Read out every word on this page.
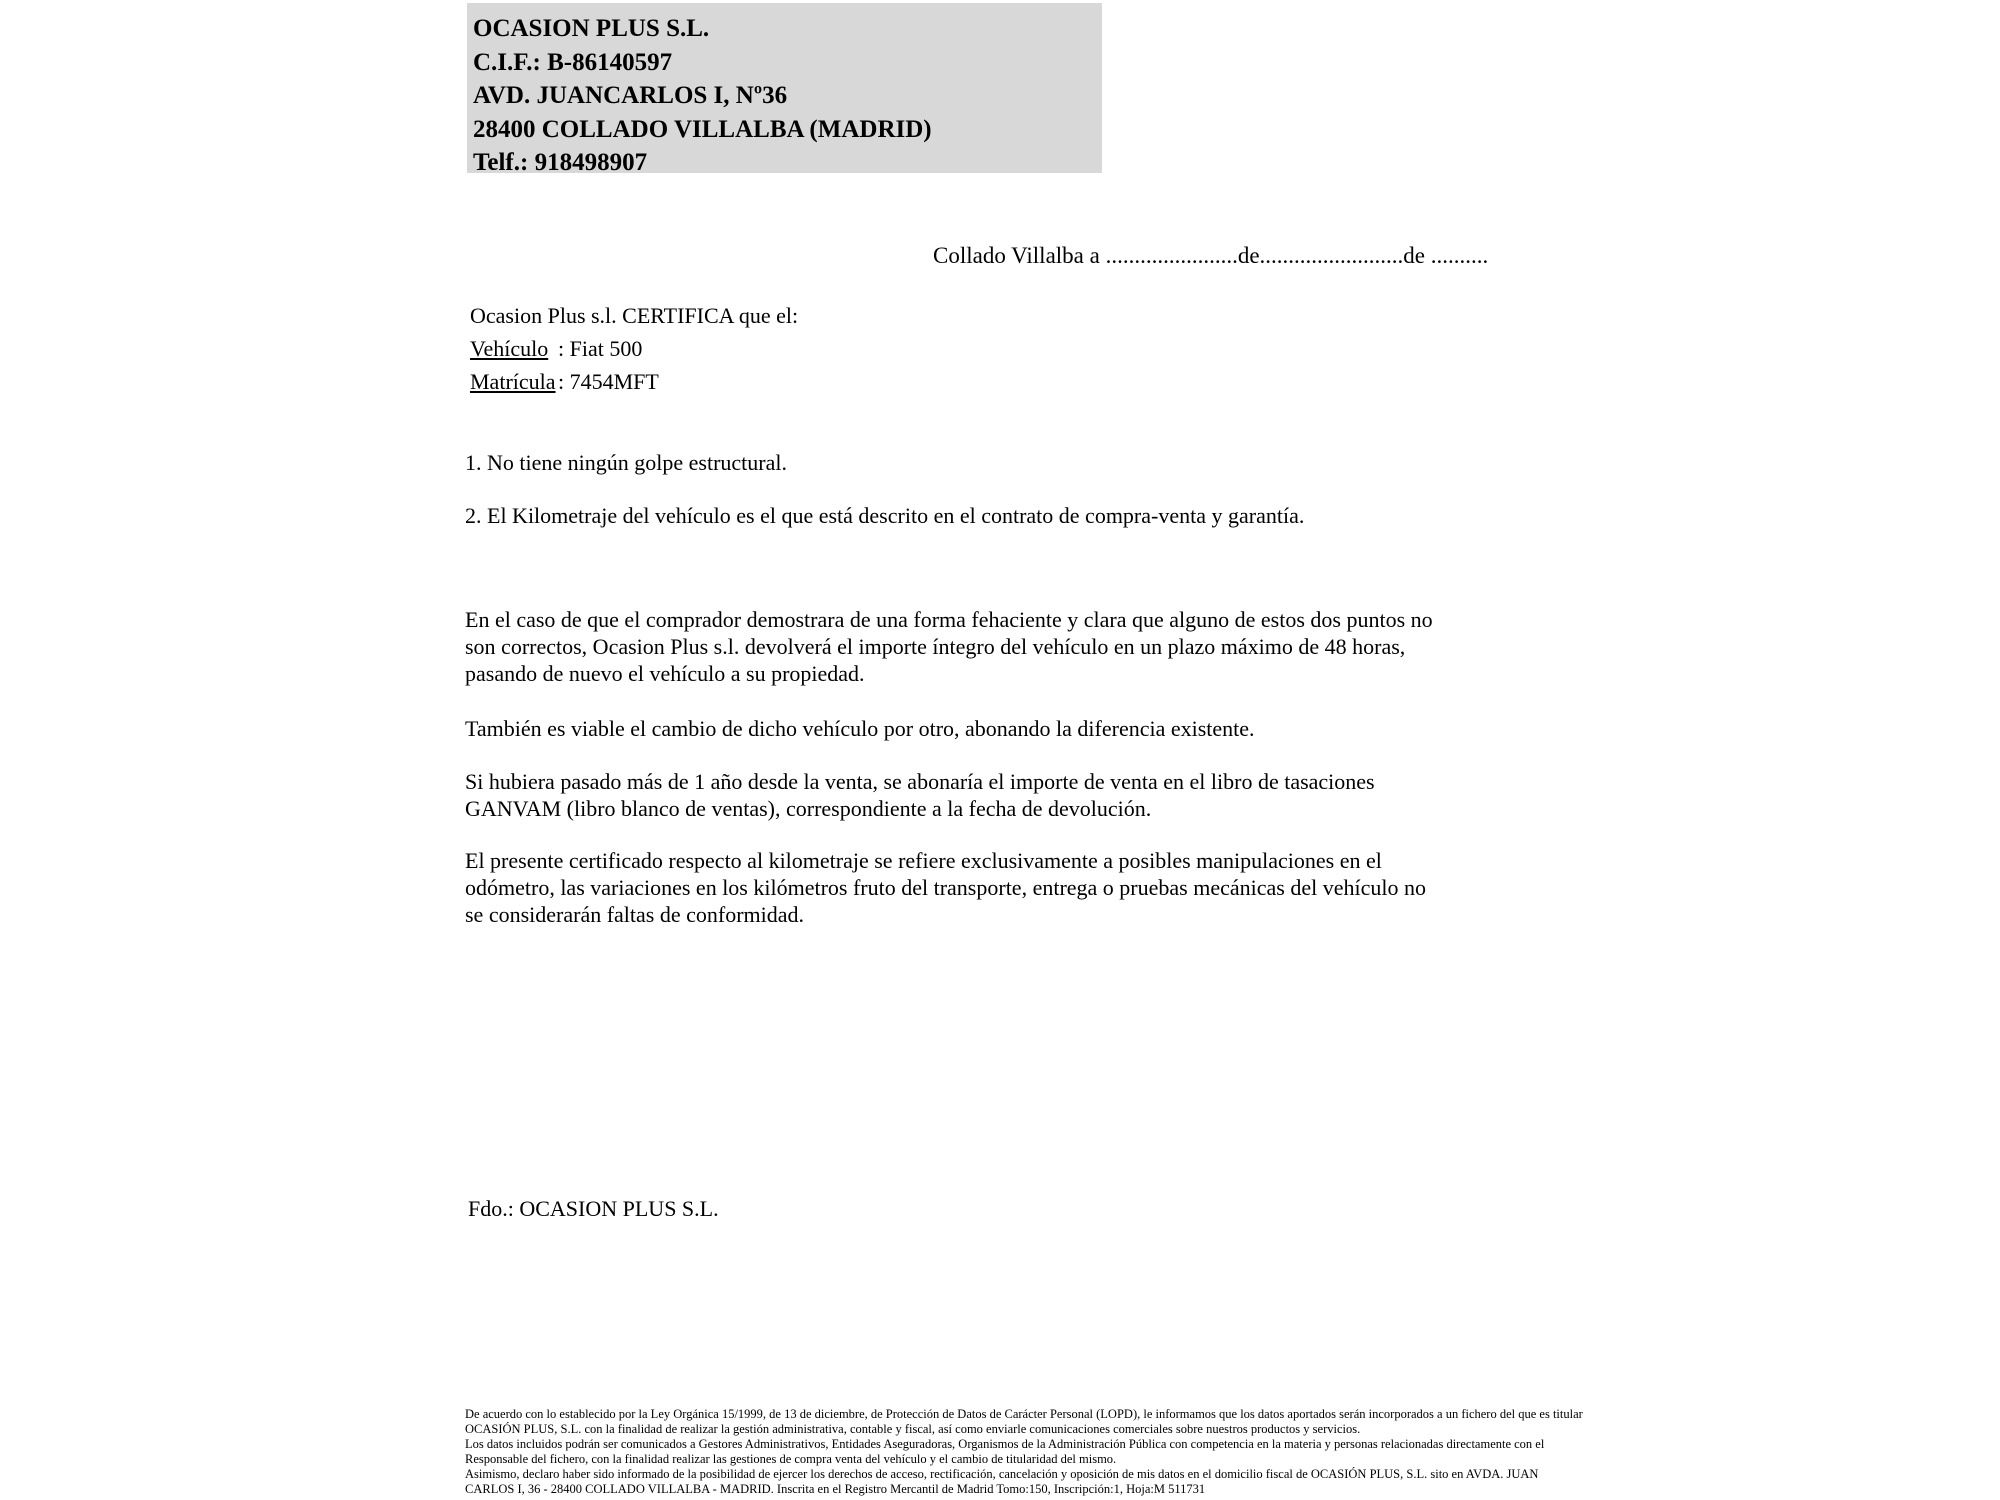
OCASION PLUS S.L.
C.I.F.: B-86140597
AVD. JUANCARLOS I, Nº36
28400 COLLADO VILLALBA (MADRID)
Telf.: 918498907
Collado Villalba a .......................de.........................de ..........
Ocasion Plus s.l. CERTIFICA que el:
Vehículo : Fiat 500
Matrícula : 7454MFT
1. No tiene ningún golpe estructural.
2. El Kilometraje del vehículo es el que está descrito en el contrato de compra-venta y garantía.
En el caso de que el comprador demostrara de una forma fehaciente y clara que alguno de estos dos puntos no
son correctos, Ocasion Plus s.l. devolverá el importe íntegro del vehículo en un plazo máximo de 48 horas,
pasando de nuevo el vehículo a su propiedad.
También es viable el cambio de dicho vehículo por otro, abonando la diferencia existente.
Si hubiera pasado más de 1 año desde la venta, se abonaría el importe de venta en el libro de tasaciones
GANVAM (libro blanco de ventas), correspondiente a la fecha de devolución.
El presente certificado respecto al kilometraje se refiere exclusivamente a posibles manipulaciones en el
odómetro, las variaciones en los kilómetros fruto del transporte, entrega o pruebas mecánicas del vehículo no
se considerarán faltas de conformidad.
Fdo.: OCASION PLUS S.L.
De acuerdo con lo establecido por la Ley Orgánica 15/1999, de 13 de diciembre, de Protección de Datos de Carácter Personal (LOPD), le informamos que los datos aportados serán incorporados a un fichero del que es titular
OCASIÓN PLUS, S.L. con la finalidad de realizar la gestión administrativa, contable y fiscal, así como enviarle comunicaciones comerciales sobre nuestros productos y servicios.
Los datos incluidos podrán ser comunicados a Gestores Administrativos, Entidades Aseguradoras, Organismos de la Administración Pública con competencia en la materia y personas relacionadas directamente con el
Responsable del fichero, con la finalidad realizar las gestiones de compra venta del vehículo y el cambio de titularidad del mismo.
Asimismo, declaro haber sido informado de la posibilidad de ejercer los derechos de acceso, rectificación, cancelación y oposición de mis datos en el domicilio fiscal de OCASIÓN PLUS, S.L. sito en AVDA. JUAN
CARLOS I, 36 - 28400 COLLADO VILLALBA - MADRID. Inscrita en el Registro Mercantil de Madrid Tomo:150, Inscripción:1, Hoja:M 511731
